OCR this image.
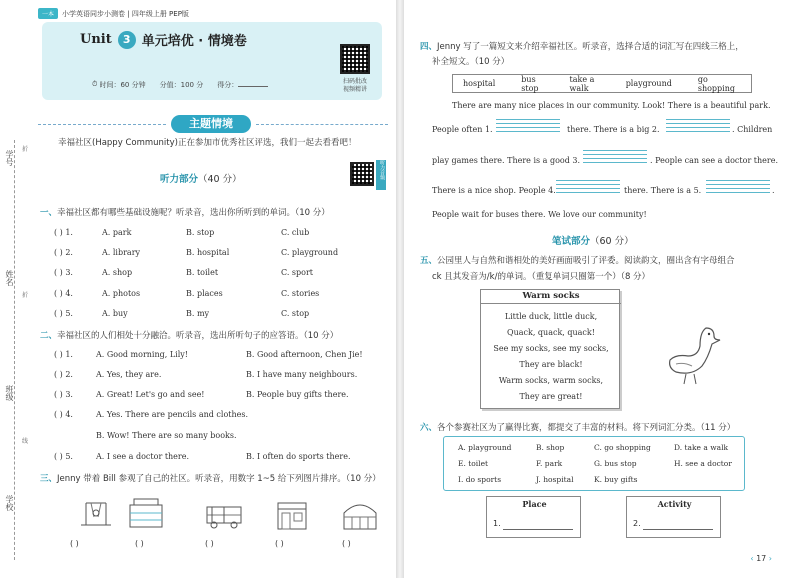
一本	小学英语同步小测卷 | 四年级上册 PEP版
学号
姓名
班级
学校
折
折
线
Unit	3 单元培优 · 情境卷
⏱ 时间：60 分钟 分值：100 分 得分：	扫码批改
视频精讲
主题情境
幸福社区(Happy Community)正在参加市优秀社区评选，我们一起去看看吧！
听力部分（40 分）	听力音频
一、幸福社区都有哪些基础设施呢？听录音，选出你所听到的单词。（10 分）
( ) 1.	A. park	B. stop	C. club
( ) 2.	A. library	B. hospital	C. playground
( ) 3.	A. shop	B. toilet	C. sport
( ) 4.	A. photos	B. places	C. stories
( ) 5.	A. buy	B. my	C. stop
二、幸福社区的人们相处十分融洽。听录音，选出所听句子的应答语。（10 分）
( ) 1.	A. Good morning, Lily!	B. Good afternoon, Chen Jie!
( ) 2.	A. Yes, they are.	B. I have many neighbours.
( ) 3.	A. Great! Let's go and see!	B. People buy gifts there.
( ) 4.	A. Yes. There are pencils and clothes.
B. Wow! There are so many books.
( ) 5.	A. I see a doctor there.	B. I often do sports there.
三、Jenny 带着 Bill 参观了自己的社区。听录音，用数字 1~5 给下列图片排序。（10 分）
( )	( )	( )	( )	( )
四、Jenny 写了一篇短文来介绍幸福社区。听录音，选择合适的词汇写在四线三格上，
补全短文。（10 分）
hospital	bus stop
take a walk	playground	go shopping
There are many nice places in our community. Look! There is a beautiful park.
People often 1.	there. There is a big 2.	. Children
play games there. There is a good 3.	. People can see a doctor there.
There is a nice shop. People 4.	there. There is a 5.	.
People wait for buses there. We love our community!
笔试部分（60 分）
五、公园里人与自然和谐相处的美好画面吸引了评委。阅读韵文，圈出含有字母组合
ck 且其发音为/k/的单词。（重复单词只圈第一个）（8 分）
Warm socks
Little duck, little duck,
Quack, quack, quack!
See my socks, see my socks,
They are black!
Warm socks, warm socks,
They are great!
六、各个参赛社区为了赢得比赛，都提交了丰富的材料。将下列词汇分类。（11 分）
A. playground	B. shop	C. go shopping	D. take a walk
E. toilet	F. park	G. bus stop	H. see a doctor
I. do sports	J. hospital	K. buy gifts
Place
1.
Activity
2.
‹ 17 ›
